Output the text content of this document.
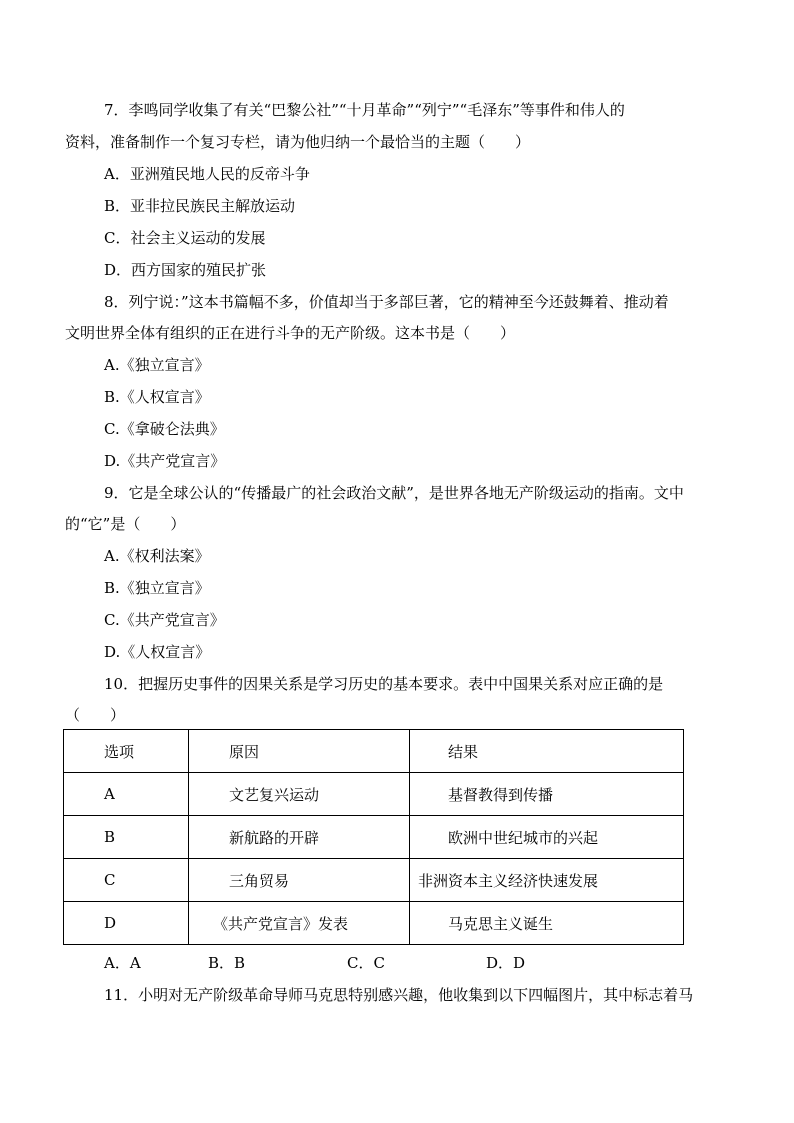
7．李鸣同学收集了有关“巴黎公社”“十月革命”“列宁”“毛泽东”等事件和伟人的
资料，准备制作一个复习专栏，请为他归纳一个最恰当的主题（　　）
A．亚洲殖民地人民的反帝斗争
B．亚非拉民族民主解放运动
C．社会主义运动的发展
D．西方国家的殖民扩张
8．列宁说：”这本书篇幅不多，价值却当于多部巨著，它的精神至今还鼓舞着、推动着
文明世界全体有组织的正在进行斗争的无产阶级。这本书是（　　）
A.《独立宣言》
B.《人权宣言》
C.《拿破仑法典》
D.《共产党宣言》
9．它是全球公认的“传播最广的社会政治文献”，是世界各地无产阶级运动的指南。文中
的“它”是（　　）
A.《权利法案》
B.《独立宣言》
C.《共产党宣言》
D.《人权宣言》
10．把握历史事件的因果关系是学习历史的基本要求。表中中国果关系对应正确的是
（　　）
选项	原因	结果
A	文艺复兴运动	基督教得到传播
B	新航路的开辟	欧洲中世纪城市的兴起
C	三角贸易	非洲资本主义经济快速发展
D	《共产党宣言》发表	马克思主义诞生
A．A	B．B	C．C	D．D
11．小明对无产阶级革命导师马克思特别感兴趣，他收集到以下四幅图片，其中标志着马
